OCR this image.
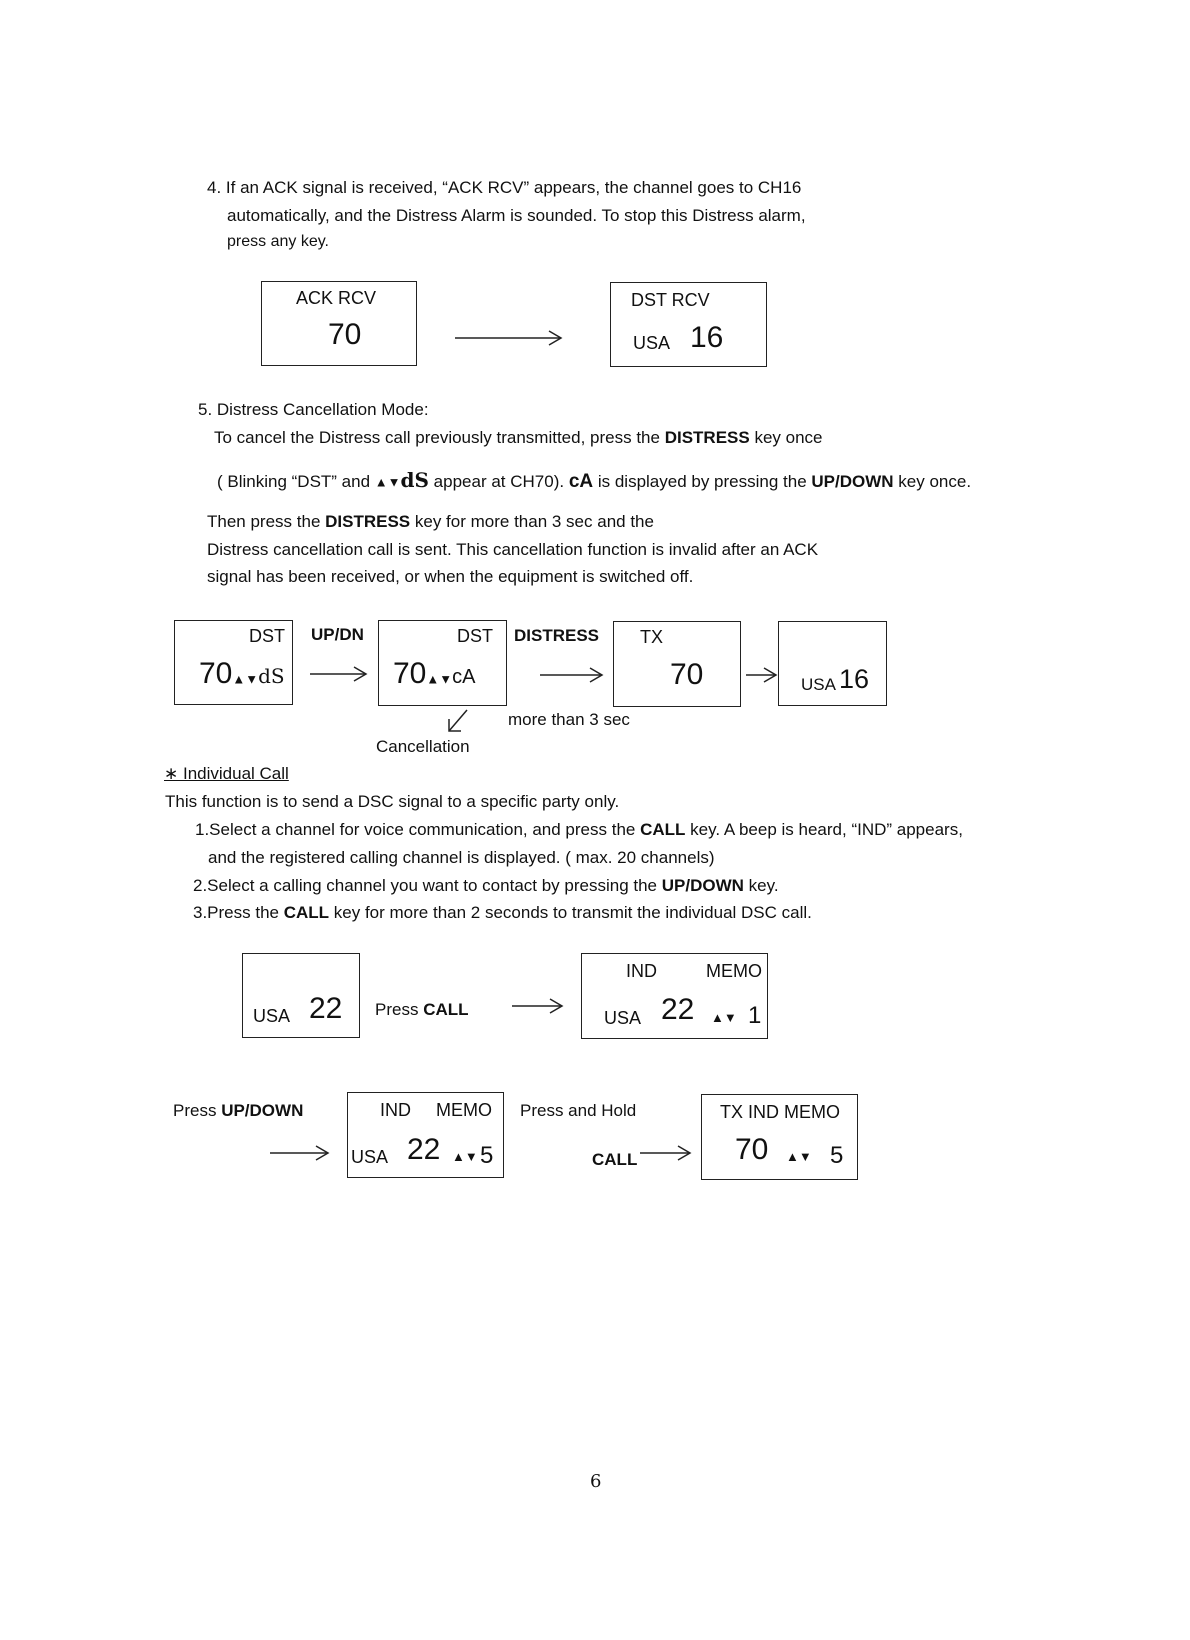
4. If an ACK signal is received, “ACK RCV” appears, the channel goes to CH16
automatically, and the Distress Alarm is sounded. To stop this Distress alarm,
press any key.
ACK RCV
70
DST RCV
USA 16
5. Distress Cancellation Mode:
To cancel the Distress call previously transmitted, press the DISTRESS key once
( Blinking “DST” and ▲▼dS appear at CH70). cA is displayed by pressing the UP/DOWN key once.
Then press the DISTRESS key for more than 3 sec and the
Distress cancellation call is sent. This cancellation function is invalid after an ACK
signal has been received, or when the equipment is switched off.
DST
70▲▼dS
UP/DN	DST
70▲▼cA
DISTRESS TX
70	USA 16
more than 3 sec
Cancellation
∗ Individual Call
This function is to send a DSC signal to a specific party only.
1.Select a channel for voice communication, and press the CALL key. A beep is heard, “IND” appears,
and the registered calling channel is displayed. ( max. 20 channels)
2.Select a calling channel you want to contact by pressing the UP/DOWN key.
3.Press the CALL key for more than 2 seconds to transmit the individual DSC call.
USA 22 Press CALL
IND	MEMO
USA 22 ▲▼ 1
Press UP/DOWN	IND MEMO
USA 22 ▲▼ 5
Press and Hold
CALL
TX IND MEMO
70 ▲▼ 5
6
